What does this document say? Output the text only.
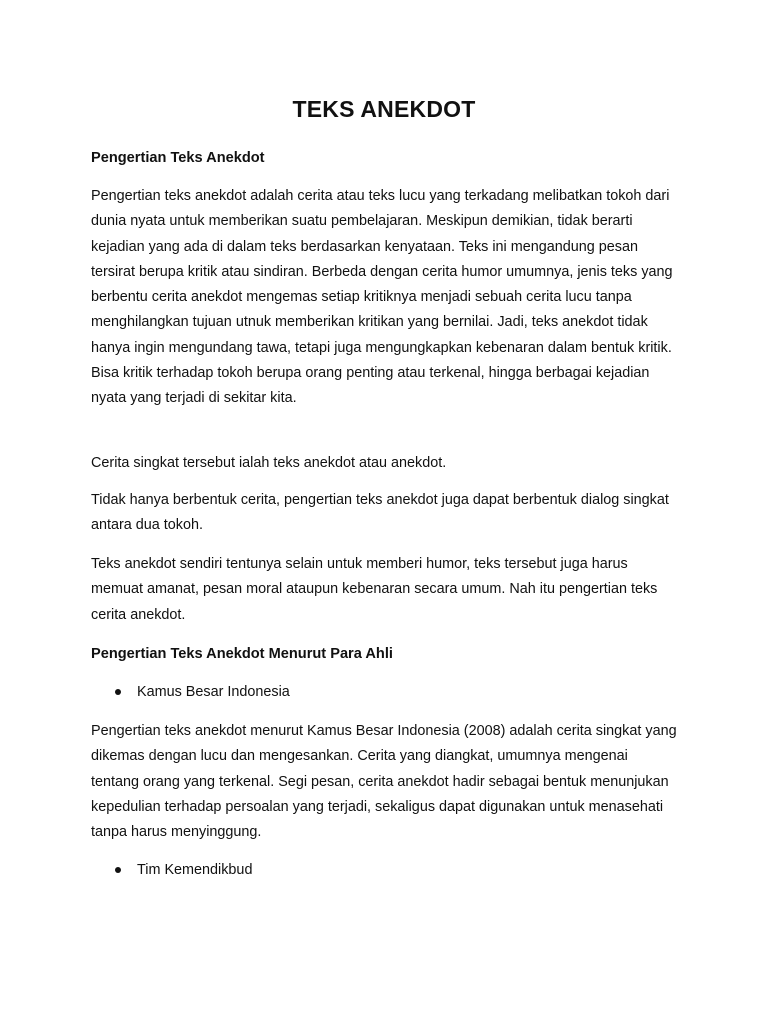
TEKS ANEKDOT
Pengertian Teks Anekdot

Pengertian teks anekdot adalah cerita atau teks lucu yang terkadang melibatkan tokoh dari dunia nyata untuk memberikan suatu pembelajaran. Meskipun demikian, tidak berarti kejadian yang ada di dalam teks berdasarkan kenyataan. Teks ini mengandung pesan tersirat berupa kritik atau sindiran. Berbeda dengan cerita humor umumnya, jenis teks yang berbentu cerita anekdot mengemas setiap kritiknya menjadi sebuah cerita lucu tanpa menghilangkan tujuan utnuk memberikan kritikan yang bernilai. Jadi, teks anekdot tidak hanya ingin mengundang tawa, tetapi juga mengungkapkan kebenaran dalam bentuk kritik. Bisa kritik terhadap tokoh berupa orang penting atau terkenal, hingga berbagai kejadian nyata yang terjadi di sekitar kita.

Cerita singkat tersebut ialah teks anekdot atau anekdot.

Tidak hanya berbentuk cerita, pengertian teks anekdot juga dapat berbentuk dialog singkat antara dua tokoh.

Teks anekdot sendiri tentunya selain untuk memberi humor, teks tersebut juga harus memuat amanat, pesan moral ataupun kebenaran secara umum. Nah itu pengertian teks cerita anekdot.

Pengertian Teks Anekdot Menurut Para Ahli
Kamus Besar Indonesia

Pengertian teks anekdot menurut Kamus Besar Indonesia (2008) adalah cerita singkat yang dikemas dengan lucu dan mengesankan. Cerita yang diangkat, umumnya mengenai tentang orang yang terkenal. Segi pesan, cerita anekdot hadir sebagai bentuk menunjukan kepedulian terhadap persoalan yang terjadi, sekaligus dapat digunakan untuk menasehati tanpa harus menyinggung.

Tim Kemendikbud
